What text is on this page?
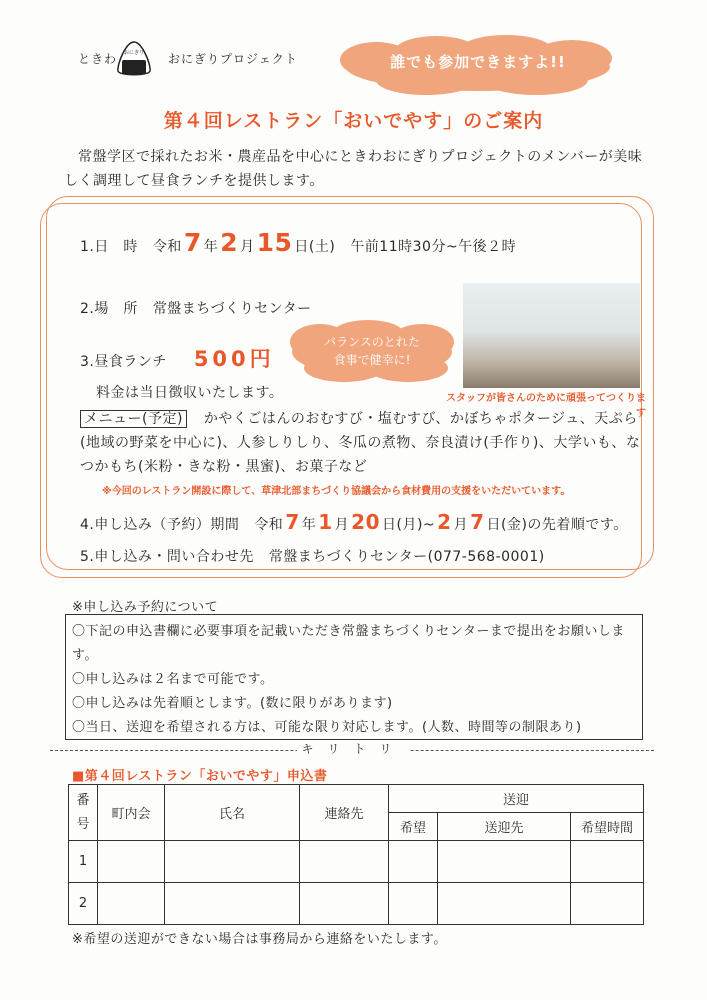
ときわ おにぎり おにぎりプロジェクト	誰でも参加できますよ!!
第４回レストラン「おいでやす」のご案内
常盤学区で採れたお米・農産品を中心にときわおにぎりプロジェクトのメンバーが美味しく調理して昼食ランチを提供します。
1.日　時 令和7 年2 月15 日(土) 午前11時30分~午後２時
2.場　所 常盤まちづくりセンター
スタッフが皆さんのために頑張ってつくります
バランスのとれた
食事で健幸に!
3.昼食ランチ 500円
料金は当日徴収いたします。
メニュー(予定) かやくごはんのおむすび・塩むすび、かぼちゃポタージュ、天ぷら(地域の野菜を中心に)、人参しりしり、冬瓜の煮物、奈良漬け(手作り)、大学いも、なつかもち(米粉・きな粉・黒蜜)、お菓子など
※今回のレストラン開設に際して、草津北部まちづくり協議会から食材費用の支援をいただいています。
4.申し込み（予約）期間 令和 7 年 1 月 20 日(月)~ 2 月 7 日(金)の先着順です。
5.申し込み・問い合わせ先 常盤まちづくりセンター(077-568-0001)
※申し込み予約について
〇下記の申込書欄に必要事項を記載いただき常盤まちづくりセンターまで提出をお願いします。
〇申し込みは２名まで可能です。
〇申し込みは先着順とします。(数に限りがあります)
〇当日、送迎を希望される方は、可能な限り対応します。(人数、時間等の制限あり)
キリトリ
■第４回レストラン「おいでやす」申込書
番号	町内会	氏名	連絡先	送迎		
				希望	送迎先	希望時間
1						
2						
※希望の送迎ができない場合は事務局から連絡をいたします。
